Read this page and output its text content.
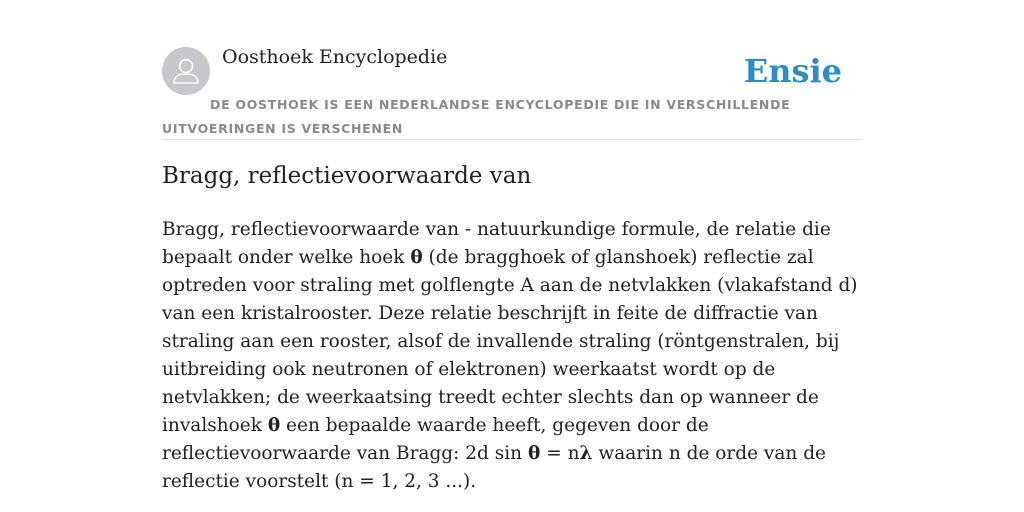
Oosthoek Encyclopedie	Ensie
DE OOSTHOEK IS EEN NEDERLANDSE ENCYCLOPEDIE DIE IN VERSCHILLENDE UITVOERINGEN IS VERSCHENEN
Bragg, reflectievoorwaarde van

Bragg, reflectievoorwaarde van - natuurkundige formule, de relatie die bepaalt onder welke hoek θ (de bragghoek of glanshoek) reflectie zal optreden voor straling met golflengte Α aan de netvlakken (vlakafstand d) van een kristalrooster. Deze relatie beschrijft in feite de diffractie van straling aan een rooster, alsof de invallende straling (röntgenstralen, bij uitbreiding ook neutronen of elektronen) weerkaatst wordt op de netvlakken; de weerkaatsing treedt echter slechts dan op wanneer de invalshoek θ een bepaalde waarde heeft, gegeven door de reflectievoorwaarde van Bragg: 2d sin θ = nλ waarin n de orde van de reflectie voorstelt (n = 1, 2, 3 ...).
